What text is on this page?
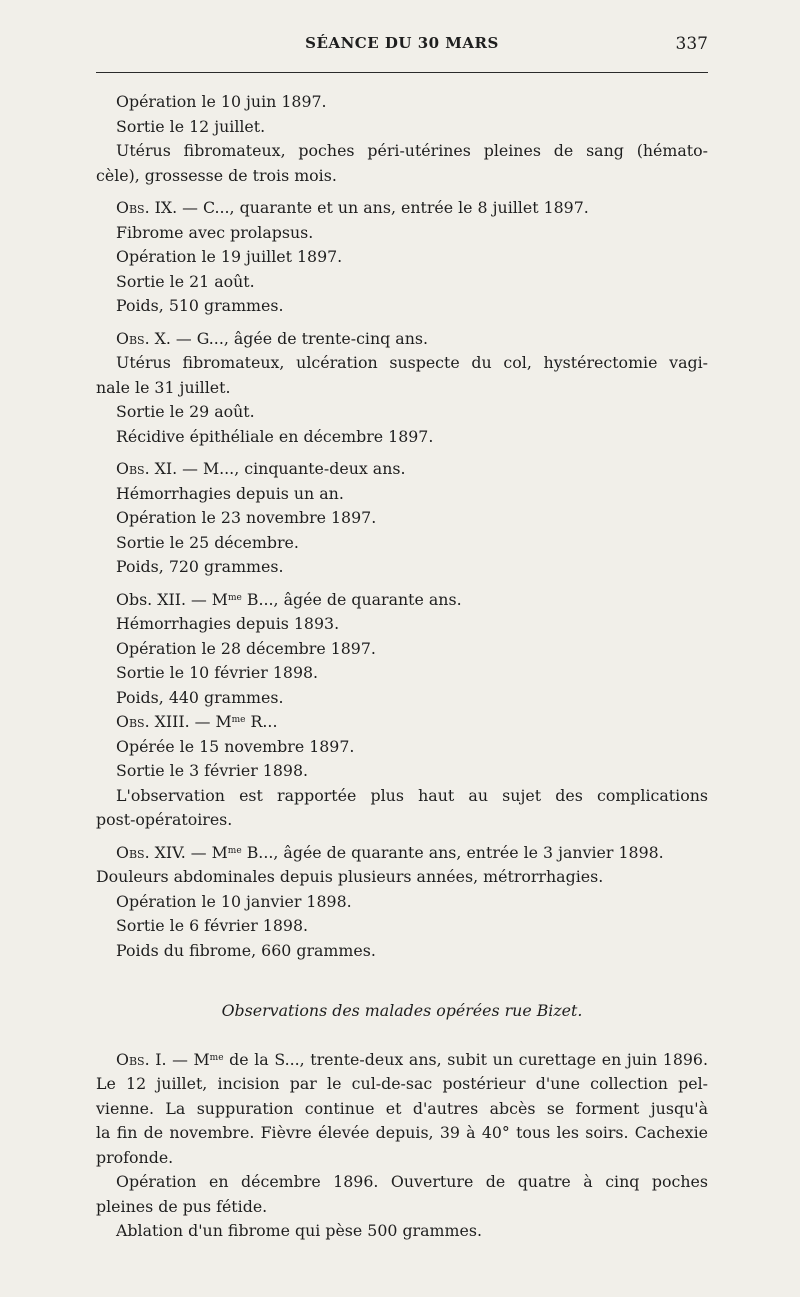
SÉANCE DU 30 MARS	337

Opération le 10 juin 1897.

Sortie le 12 juillet.

Utérus fibromateux, poches péri-utérines pleines de sang (hémato-

cèle), grossesse de trois mois.

Obs. IX. — C..., quarante et un ans, entrée le 8 juillet 1897.

Fibrome avec prolapsus.

Opération le 19 juillet 1897.

Sortie le 21 août.

Poids, 510 grammes.

Obs. X. — G..., âgée de trente-cinq ans.

Utérus fibromateux, ulcération suspecte du col, hystérectomie vagi-

nale le 31 juillet.

Sortie le 29 août.

Récidive épithéliale en décembre 1897.

Obs. XI. — M..., cinquante-deux ans.

Hémorrhagies depuis un an.

Opération le 23 novembre 1897.

Sortie le 25 décembre.

Poids, 720 grammes.

Obs. XII. — $M^{me}$ B..., âgée de quarante ans.

Hémorrhagies depuis 1893.

Opération le 28 décembre 1897.

Sortie le 10 février 1898.

Poids, 440 grammes.

Obs. XIII. — $M^{me}$ R...

Opérée le 15 novembre 1897.

Sortie le 3 février 1898.

L'observation est rapportée plus haut au sujet des complications

post-opératoires.

Obs. XIV. — $M^{me}$ B..., âgée de quarante ans, entrée le 3 janvier 1898.

Douleurs abdominales depuis plusieurs années, métrorrhagies.

Opération le 10 janvier 1898.

Sortie le 6 février 1898.

Poids du fibrome, 660 grammes.

Observations des malades opérées rue Bizet.

Obs. I. — $M^{me}$ de la S..., trente-deux ans, subit un curettage en juin 1896.

Le 12 juillet, incision par le cul-de-sac postérieur d'une collection pel-

vienne. La suppuration continue et d'autres abcès se forment jusqu'à

la fin de novembre. Fièvre élevée depuis, 39 à 40° tous les soirs. Cachexie

profonde.

Opération en décembre 1896. Ouverture de quatre à cinq poches

pleines de pus fétide.

Ablation d'un fibrome qui pèse 500 grammes.
